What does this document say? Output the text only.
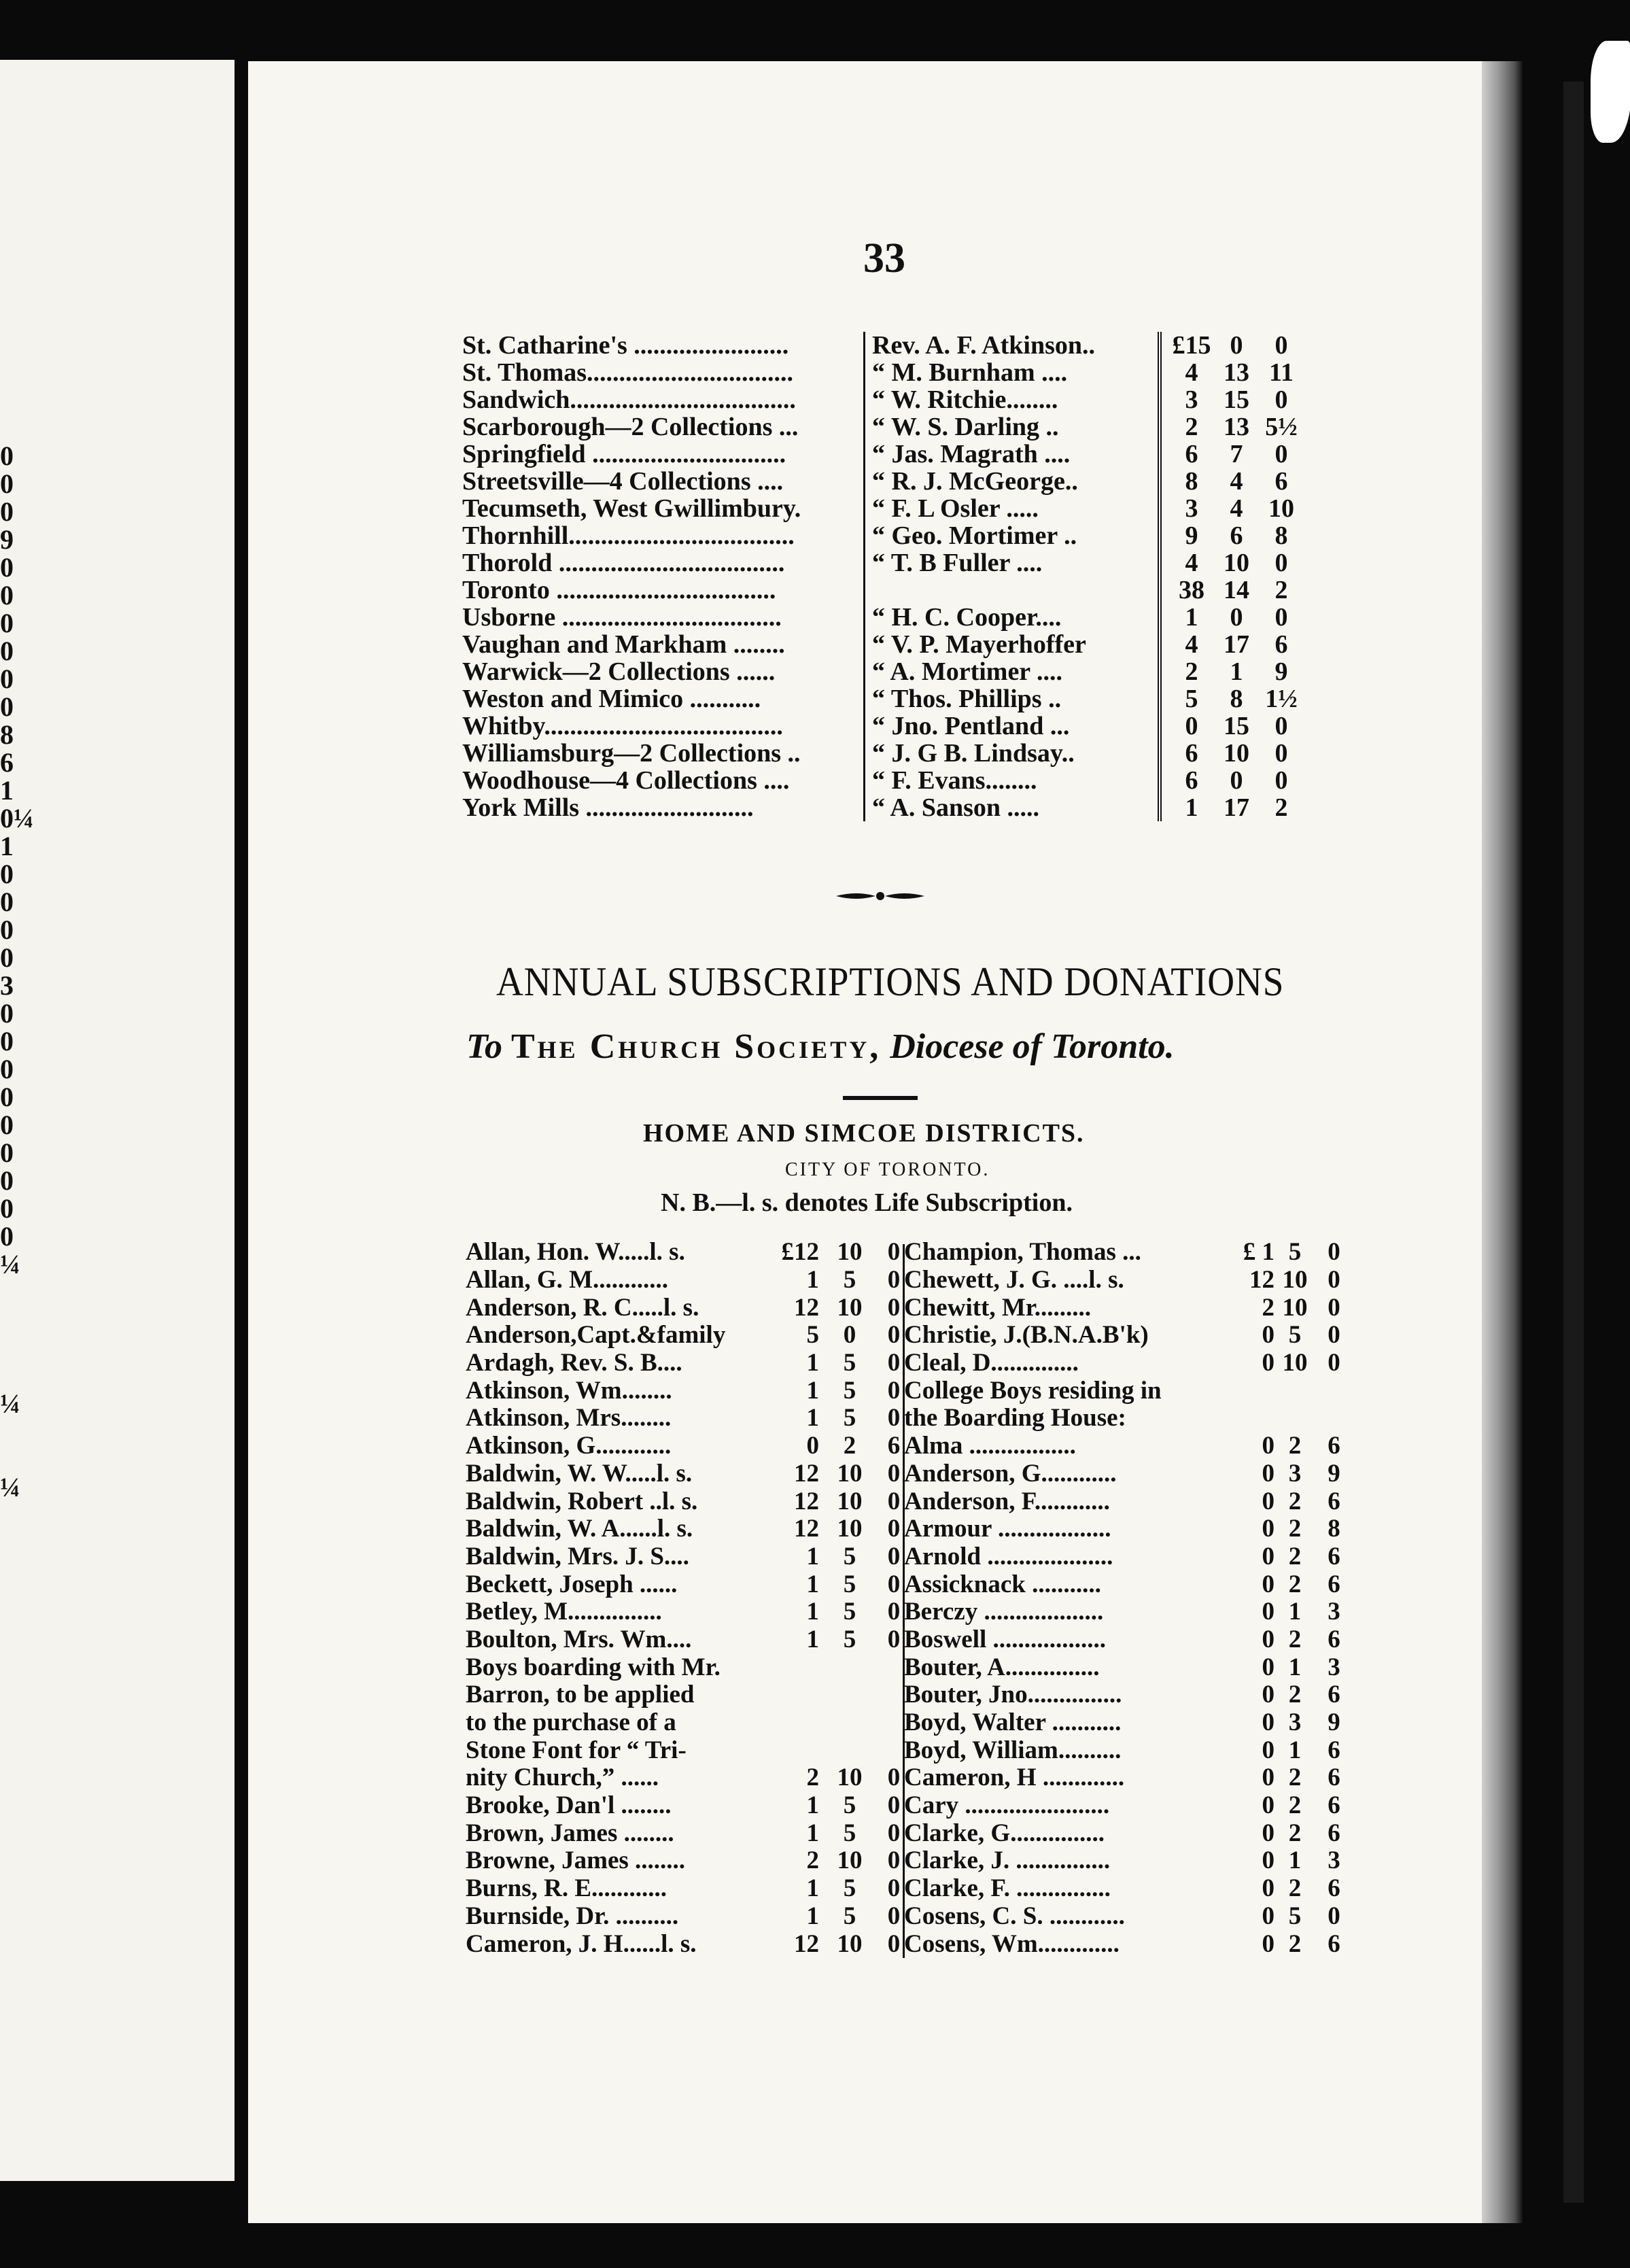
0
0
0
9
0
0
0
0
0
0
8
6
1
0¼
1
0
0
0
0
3
0
0
0
0
0
0
0
0
0
¼
¼
¼
33
St. Catharine's ........................	Rev. A. F. Atkinson..	£15 0 0
St. Thomas................................	“ M. Burnham ....	4 13 11
Sandwich...................................	“ W. Ritchie........	3 15 0
Scarborough—2 Collections ...	“ W. S. Darling ..	2 13 5½
Springfield ..............................	“ Jas. Magrath ....	6 7 0
Streetsville—4 Collections ....	“ R. J. McGeorge..	8 4 6
Tecumseth, West Gwillimbury.	“ F. L Osler .....	3 4 10
Thornhill...................................	“ Geo. Mortimer ..	9 6 8
Thorold ...................................	“ T. B Fuller ....	4 10 0
Toronto ..................................		38 14 2
Usborne ..................................	“ H. C. Cooper....	1 0 0
Vaughan and Markham ........	“ V. P. Mayerhoffer	4 17 6
Warwick—2 Collections ......	“ A. Mortimer ....	2 1 9
Weston and Mimico ...........	“ Thos. Phillips ..	5 8 1½
Whitby.....................................	“ Jno. Pentland ...	0 15 0
Williamsburg—2 Collections ..	“ J. G B. Lindsay..	6 10 0
Woodhouse—4 Collections ....	“ F. Evans........	6 0 0
York Mills ..........................	“ A. Sanson .....	1 17 2
ANNUAL SUBSCRIPTIONS AND DONATIONS
To The Church Society, Diocese of Toronto.
HOME AND SIMCOE DISTRICTS.
CITY OF TORONTO.
N. B.—l. s. denotes Life Subscription.
Allan, Hon. W.....l. s.	£12 10 0
Allan, G. M............	1 5 0
Anderson, R. C.....l. s.	12 10 0
Anderson,Capt.&family	5 0 0
Ardagh, Rev. S. B....	1 5 0
Atkinson, Wm........	1 5 0
Atkinson, Mrs........	1 5 0
Atkinson, G............	0 2 6
Baldwin, W. W.....l. s.	12 10 0
Baldwin, Robert ..l. s.	12 10 0
Baldwin, W. A......l. s.	12 10 0
Baldwin, Mrs. J. S....	1 5 0
Beckett, Joseph ......	1 5 0
Betley, M...............	1 5 0
Boulton, Mrs. Wm....	1 5 0
Boys boarding with Mr.	
Barron, to be applied	
to the purchase of a	
Stone Font for “ Tri-	
nity Church,” ......	2 10 0
Brooke, Dan'l ........	1 5 0
Brown, James ........	1 5 0
Browne, James ........	2 10 0
Burns, R. E............	1 5 0
Burnside, Dr. ..........	1 5 0
Cameron, J. H......l. s.	12 10 0
Champion, Thomas ...	£ 1 5 0
Chewett, J. G. ....l. s.	12 10 0
Chewitt, Mr.........	2 10 0
Christie, J.(B.N.A.B'k)	0 5 0
Cleal, D..............	0 10 0
College Boys residing in	
the Boarding House:	
Alma .................	0 2 6
Anderson, G............	0 3 9
Anderson, F............	0 2 6
Armour ..................	0 2 8
Arnold ....................	0 2 6
Assicknack ...........	0 2 6
Berczy ...................	0 1 3
Boswell ..................	0 2 6
Bouter, A...............	0 1 3
Bouter, Jno...............	0 2 6
Boyd, Walter ...........	0 3 9
Boyd, William..........	0 1 6
Cameron, H .............	0 2 6
Cary .......................	0 2 6
Clarke, G...............	0 2 6
Clarke, J. ...............	0 1 3
Clarke, F. ...............	0 2 6
Cosens, C. S. ............	0 5 0
Cosens, Wm.............	0 2 6
